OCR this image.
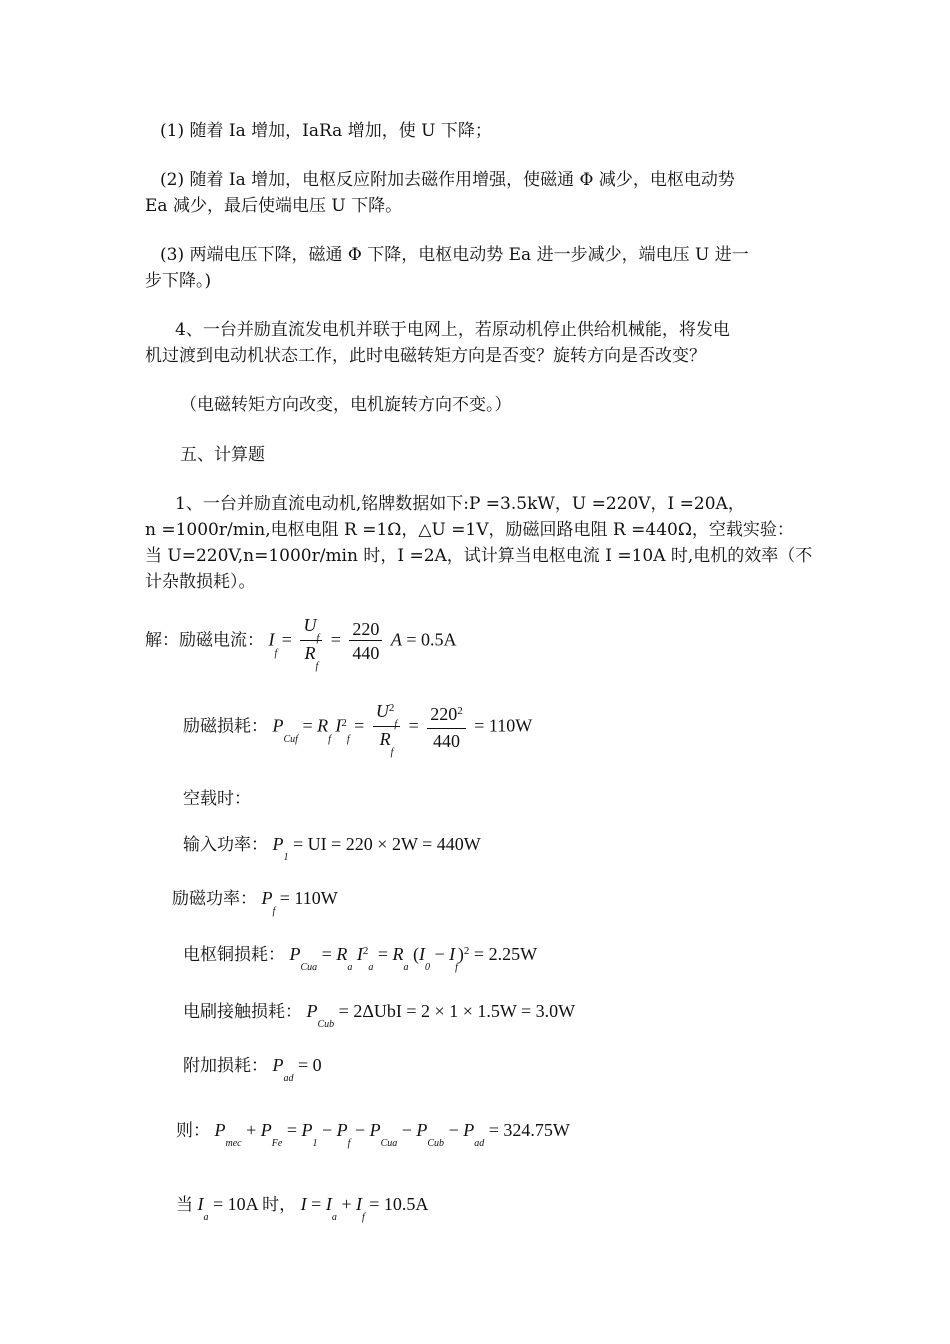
(1) 随着 Ia 增加，IaRa 增加，使 U 下降；
(2) 随着 Ia 增加，电枢反应附加去磁作用增强，使磁通 Φ 减少，电枢电动势
Ea 减少，最后使端电压 U 下降。
(3) 两端电压下降，磁通 Φ 下降，电枢电动势 Ea 进一步减少，端电压 U 进一
步下降。)
4、一台并励直流发电机并联于电网上，若原动机停止供给机械能，将发电
机过渡到电动机状态工作，此时电磁转矩方向是否变？旋转方向是否改变？
（电磁转矩方向改变，电机旋转方向不变。）
五、计算题
1、一台并励直流电动机,铭牌数据如下:P =3.5kW，U =220V，I =20A，
n =1000r/min,电枢电阻 R =1Ω，△U =1V，励磁回路电阻 R =440Ω，空载实验：
当 U=220V,n=1000r/min 时，I =2A，试计算当电枢电流 I =10A 时,电机的效率（不
计杂散损耗）。
解：励磁电流： $I_f = \frac{U_f}{R_f} = \frac{220}{440}$ A = 0.5A
励磁损耗： $P_{Cuf} = R_f$ $I^2_f = \frac{U^2_f}{R_f} = \frac{220^2}{440} = 110W$
空载时：
输入功率： $P_1$ = UI = 220 × 2W = 440W
励磁功率： $P_f = 110W$
电枢铜损耗： $P_{Cua} = R_a$ $I^2_a = R_a$ $(I_0 - I_f)^2 = 2.25W$
电刷接触损耗： $P_{Cub} = 2\Delta UbI = 2 \times 1 \times 1.5W = 3.0W$
附加损耗： $P_{ad} = 0$
则： $P_{mec} + P_{Fe} = P_1 - P_f - P_{Cua} - P_{Cub} - P_{ad} = 324.75W$
当 $I_a = 10A$ 时， $I = I_a + I_f = 10.5A$
